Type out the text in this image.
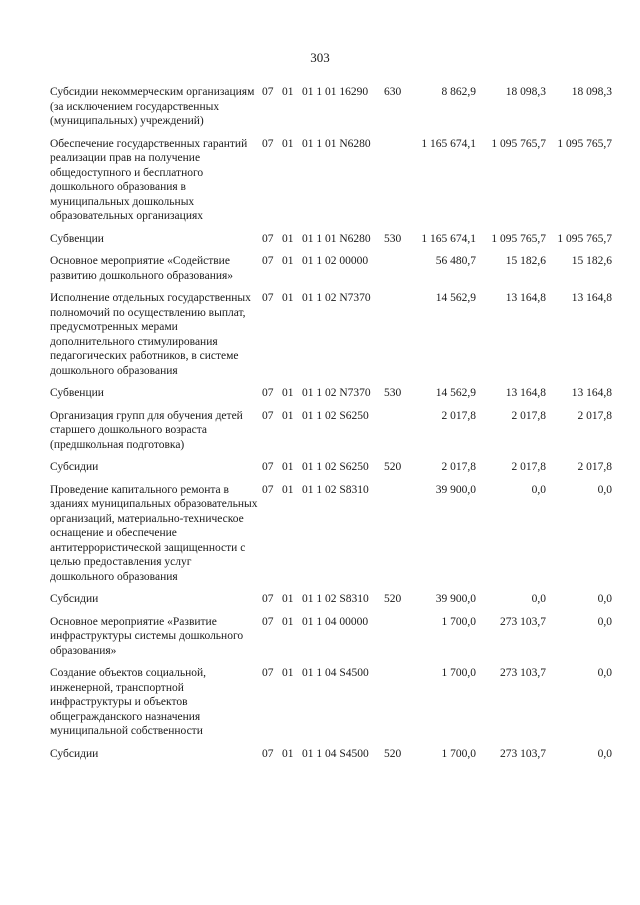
303
Субсидии некоммерческим организациям (за исключением государственных (муниципальных) учреждений)	07	01	01 1 01 16290	630	8 862,9	18 098,3	18 098,3

Обеспечение государственных гарантий реализации прав на получение общедоступного и бесплатного дошкольного образования в муниципальных дошкольных образовательных организациях	07	01	01 1 01 N6280		1 165 674,1	1 095 765,7	1 095 765,7

Субвенции	07	01	01 1 01 N6280	530	1 165 674,1	1 095 765,7	1 095 765,7

Основное мероприятие «Содействие развитию дошкольного образования»	07	01	01 1 02 00000		56 480,7	15 182,6	15 182,6

Исполнение отдельных государственных полномочий по осуществлению выплат, предусмотренных мерами дополнительного стимулирования педагогических работников, в системе дошкольного образования	07	01	01 1 02 N7370		14 562,9	13 164,8	13 164,8

Субвенции	07	01	01 1 02 N7370	530	14 562,9	13 164,8	13 164,8

Организация групп для обучения детей старшего дошкольного возраста (предшкольная подготовка)	07	01	01 1 02 S6250		2 017,8	2 017,8	2 017,8

Субсидии	07	01	01 1 02 S6250	520	2 017,8	2 017,8	2 017,8

Проведение капитального ремонта в зданиях муниципальных образовательных организаций, материально-техническое оснащение и обеспечение антитеррористической защищенности с целью предоставления услуг дошкольного образования	07	01	01 1 02 S8310		39 900,0	0,0	0,0

Субсидии	07	01	01 1 02 S8310	520	39 900,0	0,0	0,0

Основное мероприятие «Развитие инфраструктуры системы дошкольного образования»	07	01	01 1 04 00000		1 700,0	273 103,7	0,0

Создание объектов социальной, инженерной, транспортной инфраструктуры и объектов общегражданского назначения муниципальной собственности	07	01	01 1 04 S4500		1 700,0	273 103,7	0,0

Субсидии	07	01	01 1 04 S4500	520	1 700,0	273 103,7	0,0
